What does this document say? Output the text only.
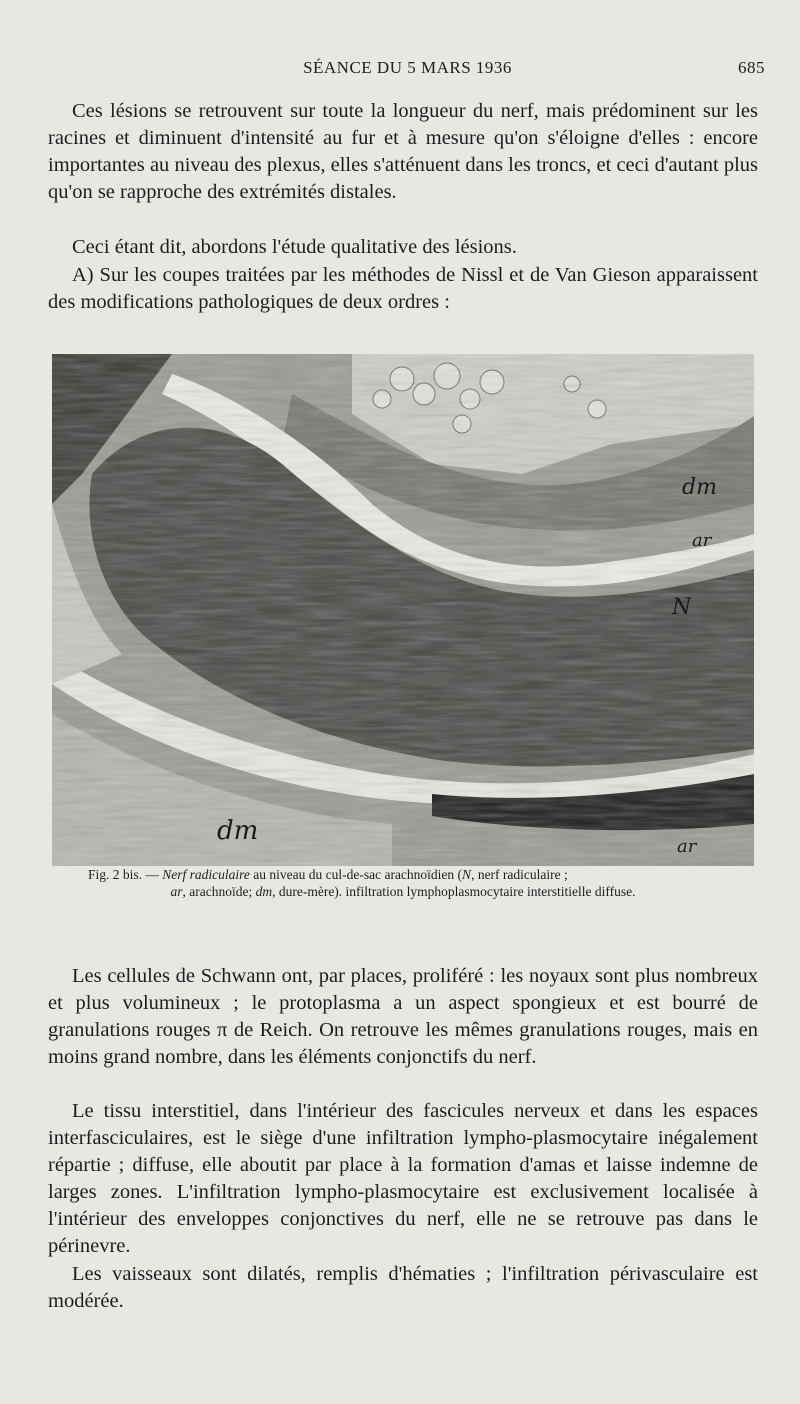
SÉANCE DU 5 MARS 1936	685

Ces lésions se retrouvent sur toute la longueur du nerf, mais prédominent sur les racines et diminuent d'intensité au fur et à mesure qu'on s'éloigne d'elles : encore importantes au niveau des plexus, elles s'atténuent dans les troncs, et ceci d'autant plus qu'on se rapproche des extrémités distales.

Ceci étant dit, abordons l'étude qualitative des lésions.

A) Sur les coupes traitées par les méthodes de Nissl et de Van Gieson apparaissent des modifications pathologiques de deux ordres :

dm
ar
N
dm
ar
Fig. 2 bis. — Nerf radiculaire au niveau du cul-de-sac arachnoïdien (N, nerf radiculaire ;
ar, arachnoïde; dm, dure-mère). infiltration lymphoplasmocytaire interstitielle diffuse.

Les cellules de Schwann ont, par places, proliféré : les noyaux sont plus nombreux et plus volumineux ; le protoplasma a un aspect spongieux et est bourré de granulations rouges π de Reich. On retrouve les mêmes granulations rouges, mais en moins grand nombre, dans les éléments conjonctifs du nerf.

Le tissu interstitiel, dans l'intérieur des fascicules nerveux et dans les espaces interfasciculaires, est le siège d'une infiltration lympho-plasmocytaire inégalement répartie ; diffuse, elle aboutit par place à la formation d'amas et laisse indemne de larges zones. L'infiltration lympho-plasmocytaire est exclusivement localisée à l'intérieur des enveloppes conjonctives du nerf, elle ne se retrouve pas dans le périnevre.

Les vaisseaux sont dilatés, remplis d'hématies ; l'infiltration périvasculaire est modérée.
